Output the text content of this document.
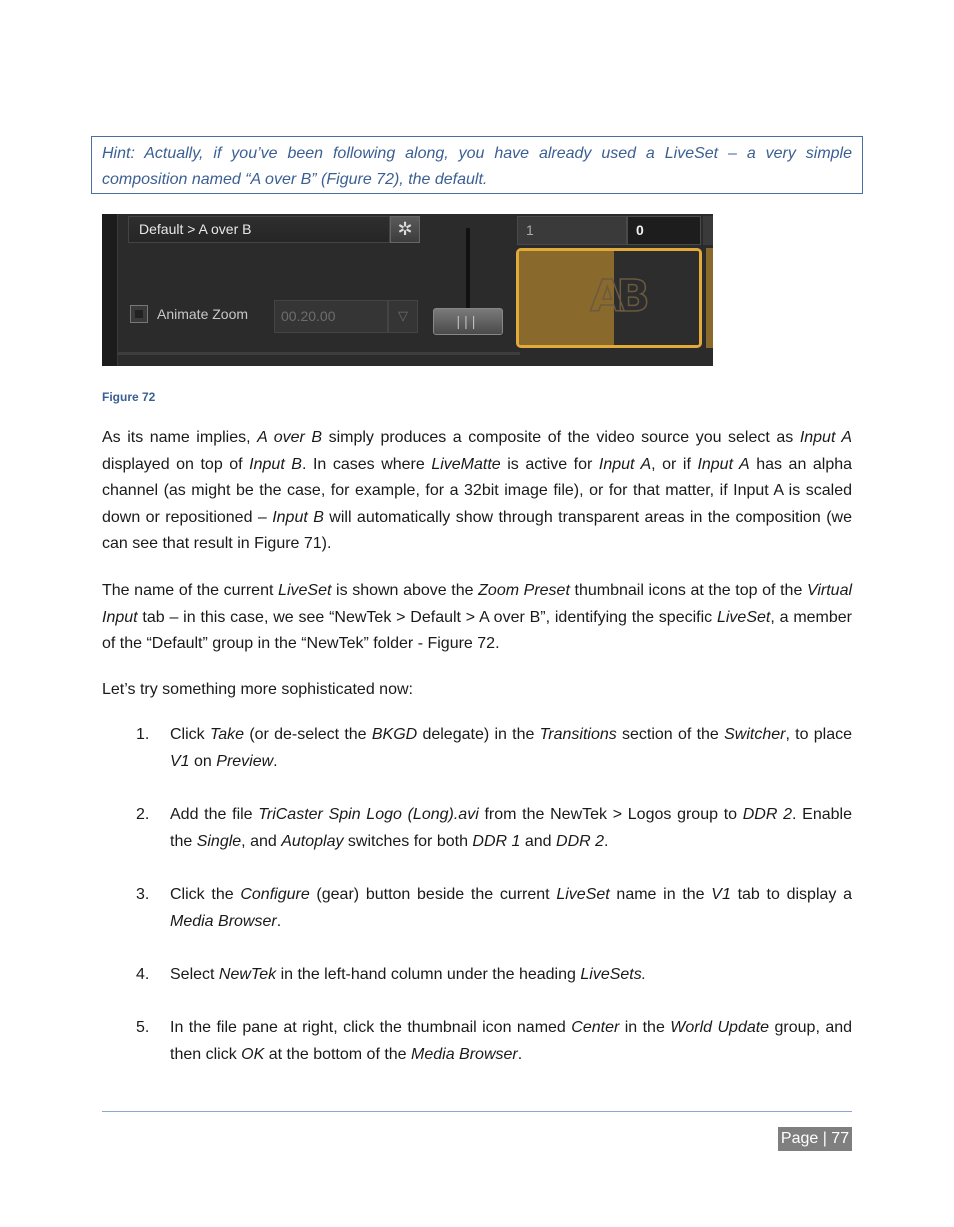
Hint: Actually, if you’ve been following along, you have already used a LiveSet – a very simple composition named “A over B” (Figure 72), the default.
Default > A over B	✲
Animate Zoom	00.20.00	▽	|||
1	0
AB
Figure 72

As its name implies, A over B simply produces a composite of the video source you select as Input A displayed on top of Input B. In cases where LiveMatte is active for Input A, or if Input A has an alpha channel (as might be the case, for example, for a 32bit image file), or for that matter, if Input A is scaled down or repositioned – Input B will automatically show through transparent areas in the composition (we can see that result in Figure 71).

The name of the current LiveSet is shown above the Zoom Preset thumbnail icons at the top of the Virtual Input tab – in this case, we see “NewTek > Default > A over B”, identifying the specific LiveSet, a member of the “Default” group in the “NewTek” folder - Figure 72.

Let’s try something more sophisticated now:

1.	Click Take (or de-select the BKGD delegate) in the Transitions section of the Switcher, to place V1 on Preview.

2.	Add the file TriCaster Spin Logo (Long).avi from the NewTek > Logos group to DDR 2. Enable the Single, and Autoplay switches for both DDR 1 and DDR 2.

3.	Click the Configure (gear) button beside the current LiveSet name in the V1 tab to display a Media Browser.

4.	Select NewTek in the left-hand column under the heading LiveSets.

5.	In the file pane at right, click the thumbnail icon named Center in the World Update group, and then click OK at the bottom of the Media Browser.

Page | 77
